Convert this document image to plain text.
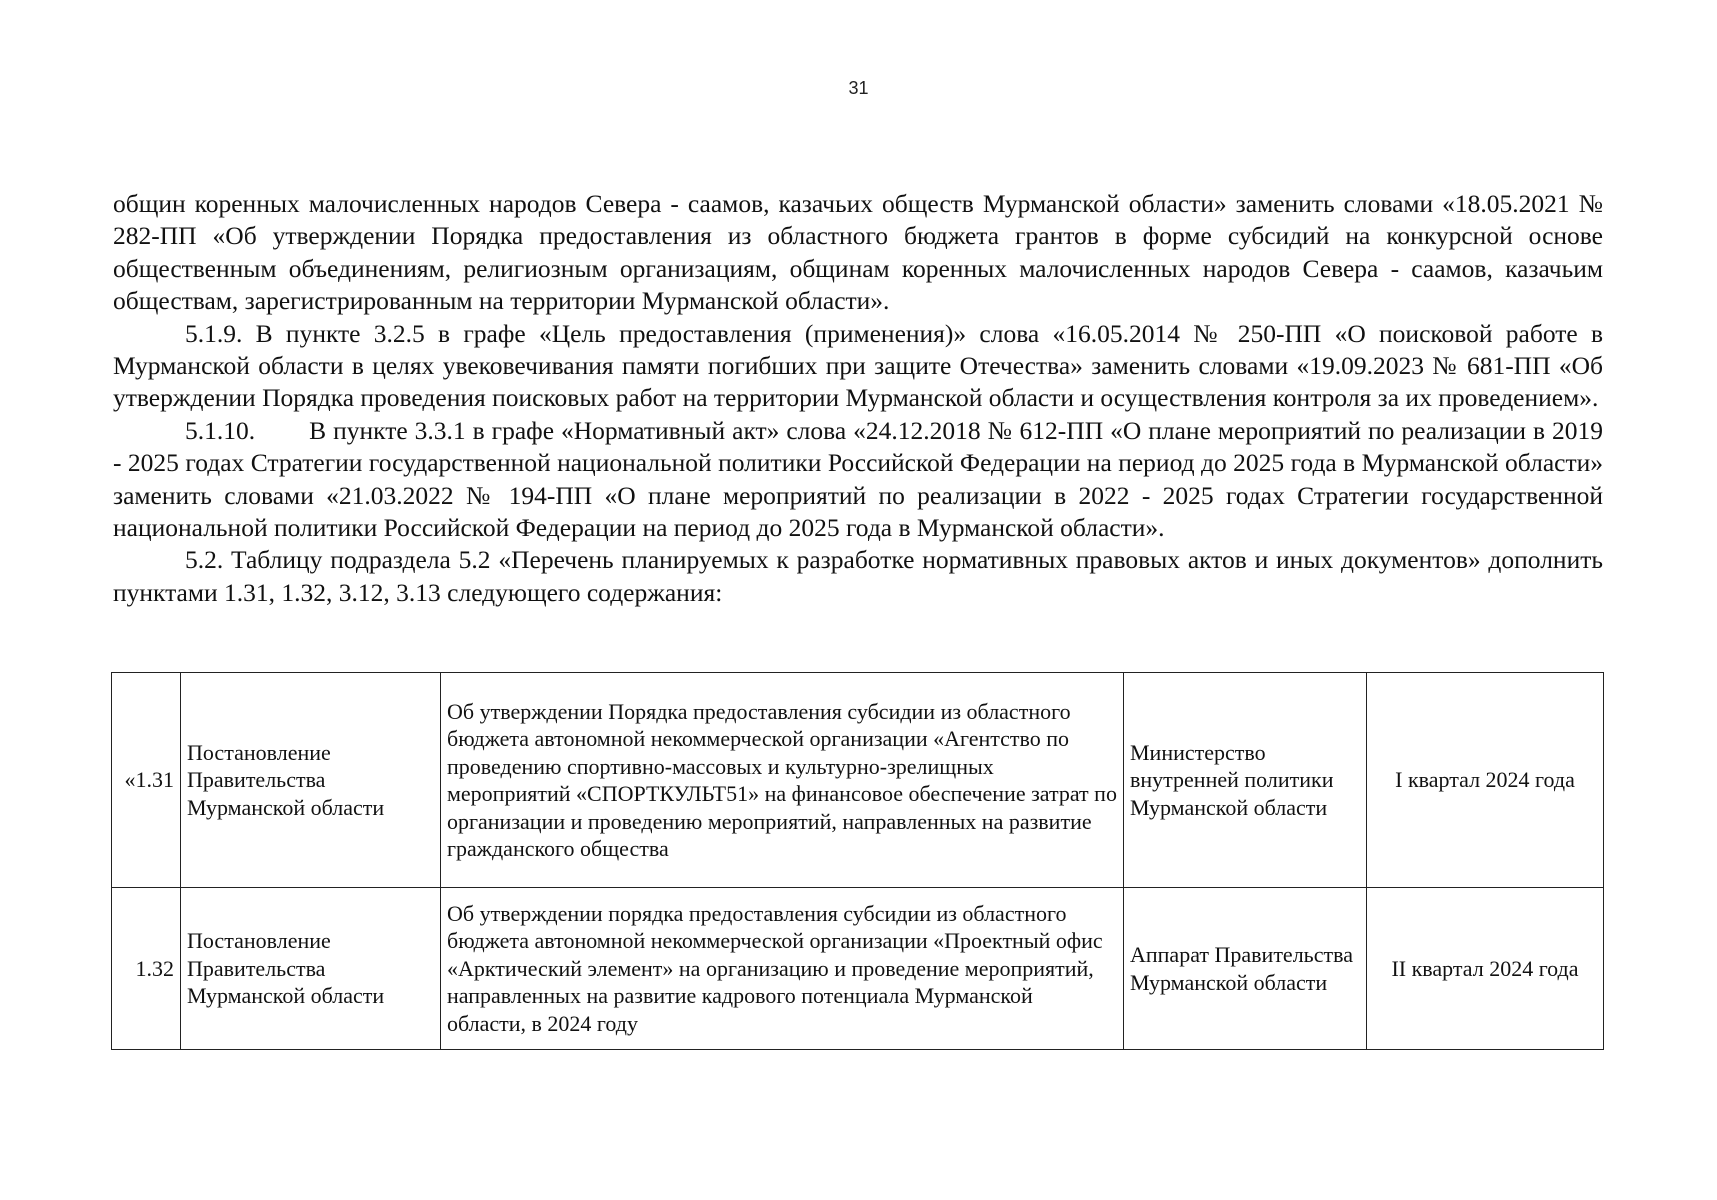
31

общин коренных малочисленных народов Севера - саамов, казачьих обществ Мурманской области» заменить словами «18.05.2021 № 282-ПП «Об утверждении Порядка предоставления из областного бюджета грантов в форме субсидий на конкурсной основе общественным объединениям, религиозным организациям, общинам коренных малочисленных народов Севера - саамов, казачьим обществам, зарегистрированным на территории Мурманской области».

5.1.9. В пункте 3.2.5 в графе «Цель предоставления (применения)» слова «16.05.2014 № 250-ПП «О поисковой работе в Мурманской области в целях увековечивания памяти погибших при защите Отечества» заменить словами «19.09.2023 № 681-ПП «Об утверждении Порядка проведения поисковых работ на территории Мурманской области и осуществления контроля за их проведением».

5.1.10. В пункте 3.3.1 в графе «Нормативный акт» слова «24.12.2018 № 612-ПП «О плане мероприятий по реализации в 2019 - 2025 годах Стратегии государственной национальной политики Российской Федерации на период до 2025 года в Мурманской области» заменить словами «21.03.2022 № 194-ПП «О плане мероприятий по реализации в 2022 - 2025 годах Стратегии государственной национальной политики Российской Федерации на период до 2025 года в Мурманской области».

5.2. Таблицу подраздела 5.2 «Перечень планируемых к разработке нормативных правовых актов и иных документов» дополнить пунктами 1.31, 1.32, 3.12, 3.13 следующего содержания:

«1.31	Постановление Правительства Мурманской области	Об утверждении Порядка предоставления субсидии из областного бюджета автономной некоммерческой организации «Агентство по проведению спортивно-массовых и культурно-зрелищных мероприятий «СПОРТКУЛЬТ51» на финансовое обеспечение затрат по организации и проведению мероприятий, направленных на развитие гражданского общества	Министерство внутренней политики Мурманской области	I квартал 2024 года
1.32	Постановление Правительства Мурманской области	Об утверждении порядка предоставления субсидии из областного бюджета автономной некоммерческой организации «Проектный офис «Арктический элемент» на организацию и проведение мероприятий, направленных на развитие кадрового потенциала Мурманской области, в 2024 году	Аппарат Правительства Мурманской области	II квартал 2024 года
